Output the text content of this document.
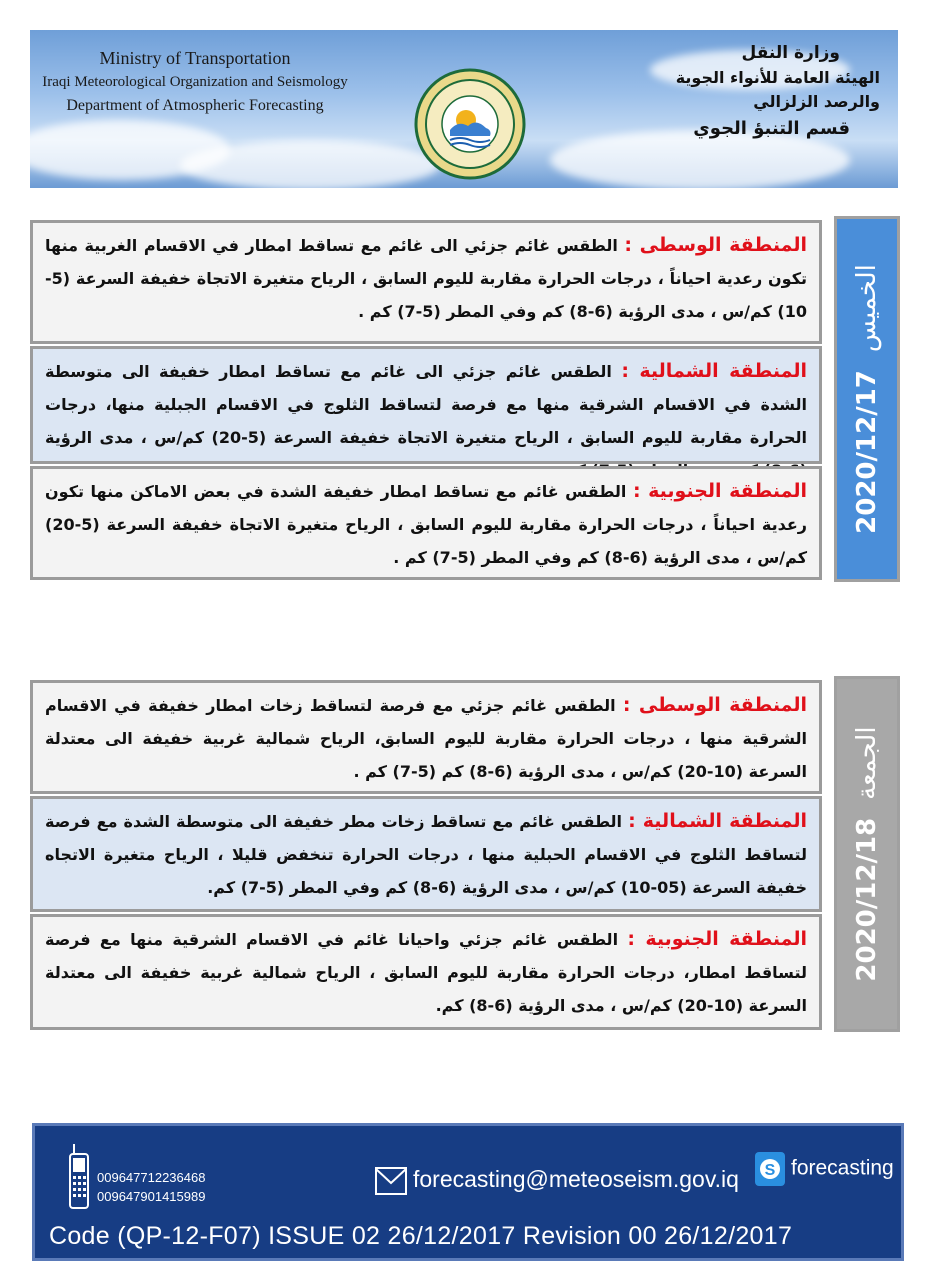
Ministry of Transportation
Iraqi Meteorological Organization and Seismology
Department of Atmospheric Forecasting
وزارة النقل
الهيئة العامة للأنواء الجوية والرصد الزلزالي
قسم التنبؤ الجوي
المنطقة الوسطى : الطقس غائم جزئي الى غائم مع تساقط امطار في الاقسام الغربية منها تكون رعدية احياناً ، درجات الحرارة مقاربة لليوم السابق ، الرياح متغيرة الاتجاة خفيفة السرعة (5-10) كم/س ، مدى الرؤية (6-8) كم وفي المطر (5-7) كم .
المنطقة الشمالية : الطقس غائم جزئي الى غائم مع تساقط امطار خفيفة الى متوسطة الشدة في الاقسام الشرقية منها مع فرصة لتساقط الثلوج في الاقسام الجبلية منها، درجات الحرارة مقاربة لليوم السابق ، الرياح متغيرة الاتجاة خفيفة السرعة (5-20) كم/س ، مدى الرؤية
المنطقة الجنوبية : الطقس غائم مع تساقط امطار خفيفة الشدة في بعض الاماكن منها تكون رعدية احياناً ، درجات الحرارة مقاربة لليوم السابق ، الرياح متغيرة الاتجاة خفيفة السرعة (5-20) كم/س ، مدى الرؤية (6-8) كم وفي المطر (5-7) كم .
الخميس2020/12/17
المنطقة الوسطى : الطقس غائم جزئي مع فرصة لتساقط زخات امطار خفيفة في الاقسام الشرقية منها ، درجات الحرارة مقاربة لليوم السابق، الرياح شمالية غربية خفيفة الى معتدلة السرعة (10-20) كم/س ، مدى الرؤية (6-8) كم (5-7) كم .
المنطقة الشمالية : الطقس غائم مع تساقط زخات مطر خفيفة الى متوسطة الشدة مع فرصة لتساقط الثلوج في الاقسام الحبلية منها ، درجات الحرارة تنخفض قليلا ، الرياح متغيرة الاتجاه خفيفة السرعة (05-10) كم/س ، مدى الرؤية (6-8) كم وفي المطر (5-7) كم.
المنطقة الجنوبية : الطقس غائم جزئي واحيانا غائم في الاقسام الشرقية منها مع فرصة لتساقط امطار، درجات الحرارة مقاربة لليوم السابق ، الرياح شمالية غربية خفيفة الى معتدلة السرعة (10-20) كم/س ، مدى الرؤية (6-8) كم.
الجمعة2020/12/18
009647712236468
009647901415989
forecasting@meteoseism.gov.iq S forecasting
Code (QP-12-F07) ISSUE 02 26/12/2017 Revision 00 26/12/2017
